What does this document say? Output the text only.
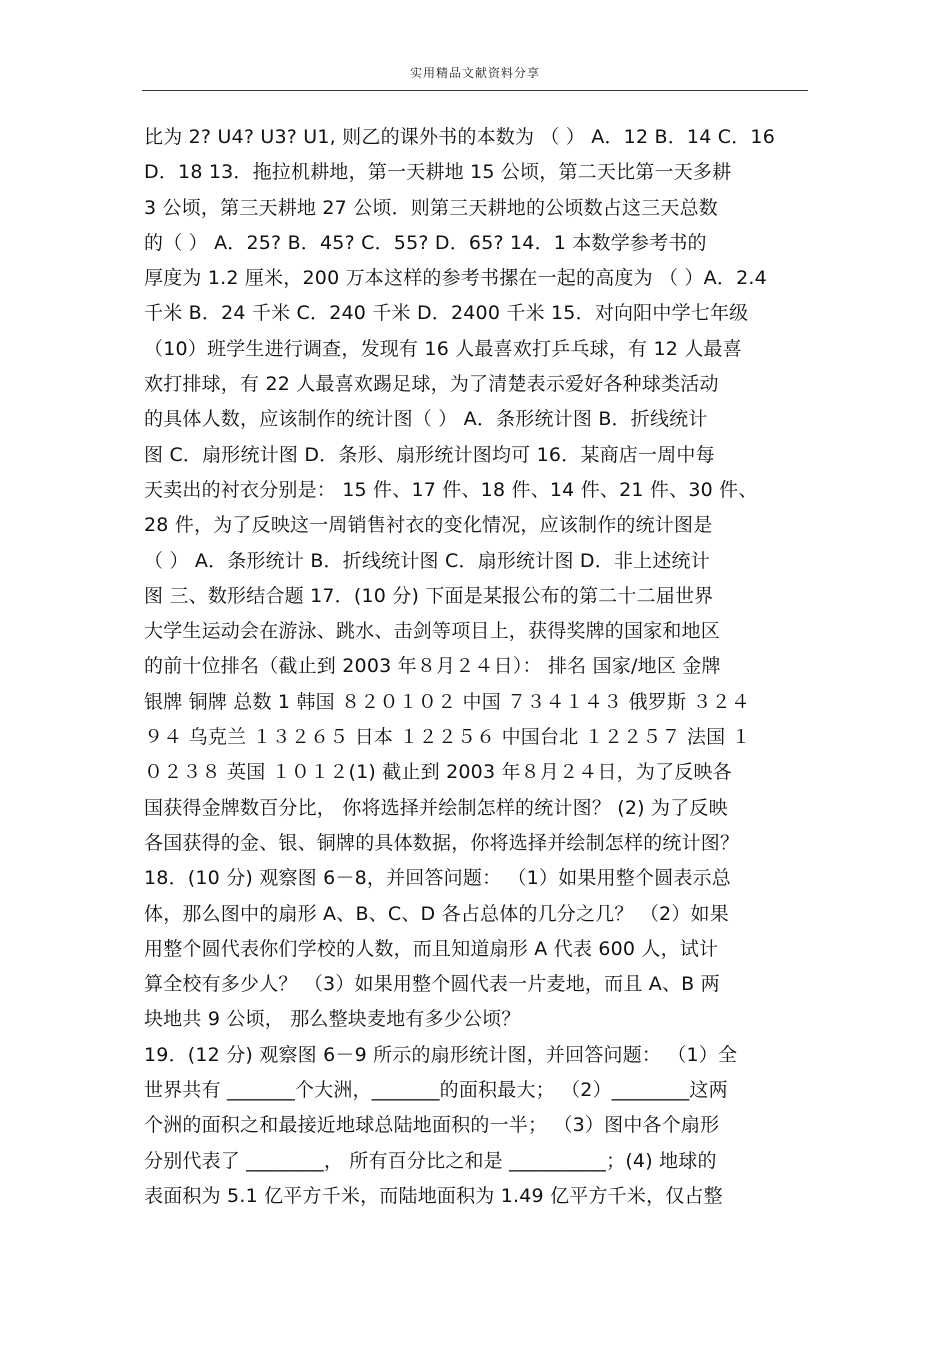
实用精品文献资料分享
比为 2? U4? U3? U1, 则乙的课外书的本数为 （ ） A．12 B．14 C．16
D．18 13．拖拉机耕地，第一天耕地 15 公顷，第二天比第一天多耕
3 公顷，第三天耕地 27 公顷．则第三天耕地的公顷数占这三天总数
的（ ） A．25? B．45? C．55? D．65? 14．1 本数学参考书的
厚度为 1.2 厘米，200 万本这样的参考书摞在一起的高度为 （ ）A．2.4
千米 B．24 千米 C．240 千米 D．2400 千米 15．对向阳中学七年级
（10）班学生进行调查，发现有 16 人最喜欢打乒乓球，有 12 人最喜
欢打排球，有 22 人最喜欢踢足球，为了清楚表示爱好各种球类活动
的具体人数，应该制作的统计图（ ） A．条形统计图 B．折线统计
图 C．扇形统计图 D．条形、扇形统计图均可 16．某商店一周中每
天卖出的衬衣分别是： 15 件、17 件、18 件、14 件、21 件、30 件、
28 件，为了反映这一周销售衬衣的变化情况，应该制作的统计图是
（ ） A．条形统计 B．折线统计图 C．扇形统计图 D．非上述统计
图 三、数形结合题 17．(10 分) 下面是某报公布的第二十二届世界
大学生运动会在游泳、跳水、击剑等项目上，获得奖牌的国家和地区
的前十位排名（截止到 2003 年８月２４日）： 排名 国家/地区 金牌
银牌 铜牌 总数 1 韩国 ８２０１０２ 中国 ７３４１４３ 俄罗斯 ３２４
９４ 乌克兰 １３２６５ 日本 １２２５６ 中国台北 １２２５７ 法国 １
０２３８ 英国 １０１２(1) 截止到 2003 年８月２４日，为了反映各
国获得金牌数百分比， 你将选择并绘制怎样的统计图？ (2) 为了反映
各国获得的金、银、铜牌的具体数据，你将选择并绘制怎样的统计图？
18．(10 分) 观察图 6－8，并回答问题： （1）如果用整个圆表示总
体，那么图中的扇形 A、B、C、D 各占总体的几分之几？ （2）如果
用整个圆代表你们学校的人数，而且知道扇形 A 代表 600 人，试计
算全校有多少人？ （3）如果用整个圆代表一片麦地，而且 A、B 两
块地共 9 公顷， 那么整块麦地有多少公顷？
19．(12 分) 观察图 6－9 所示的扇形统计图，并回答问题： （1）全
世界共有 _______个大洲，_______的面积最大； （2）________这两
个洲的面积之和最接近地球总陆地面积的一半； （3）图中各个扇形
分别代表了 ________， 所有百分比之和是 __________；(4) 地球的
表面积为 5.1 亿平方千米，而陆地面积为 1.49 亿平方千米，仅占整
